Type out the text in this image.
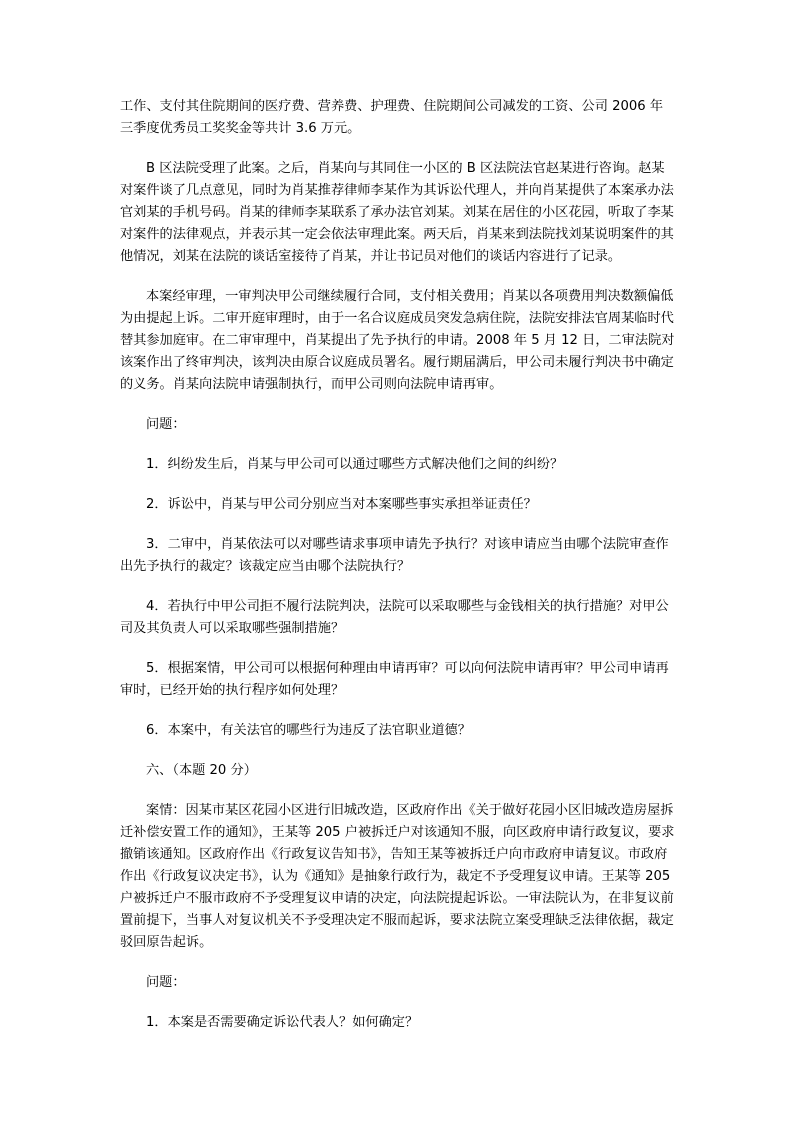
工作、支付其住院期间的医疗费、营养费、护理费、住院期间公司减发的工资、公司 2006 年三季度优秀员工奖奖金等共计 3.6 万元。

B 区法院受理了此案。之后，肖某向与其同住一小区的 B 区法院法官赵某进行咨询。赵某对案件谈了几点意见，同时为肖某推荐律师李某作为其诉讼代理人，并向肖某提供了本案承办法官刘某的手机号码。肖某的律师李某联系了承办法官刘某。刘某在居住的小区花园，听取了李某对案件的法律观点，并表示其一定会依法审理此案。两天后，肖某来到法院找刘某说明案件的其他情况，刘某在法院的谈话室接待了肖某，并让书记员对他们的谈话内容进行了记录。

本案经审理，一审判决甲公司继续履行合同，支付相关费用；肖某以各项费用判决数额偏低为由提起上诉。二审开庭审理时，由于一名合议庭成员突发急病住院，法院安排法官周某临时代替其参加庭审。在二审审理中，肖某提出了先予执行的申请。2008 年 5 月 12 日，二审法院对该案作出了终审判决，该判决由原合议庭成员署名。履行期届满后，甲公司未履行判决书中确定的义务。肖某向法院申请强制执行，而甲公司则向法院申请再审。

问题：

1．纠纷发生后，肖某与甲公司可以通过哪些方式解决他们之间的纠纷？

2．诉讼中，肖某与甲公司分别应当对本案哪些事实承担举证责任？

3．二审中，肖某依法可以对哪些请求事项申请先予执行？对该申请应当由哪个法院审查作出先予执行的裁定？该裁定应当由哪个法院执行？

4．若执行中甲公司拒不履行法院判决，法院可以采取哪些与金钱相关的执行措施？对甲公司及其负责人可以采取哪些强制措施？

5．根据案情，甲公司可以根据何种理由申请再审？可以向何法院申请再审？甲公司申请再审时，已经开始的执行程序如何处理？

6．本案中，有关法官的哪些行为违反了法官职业道德？

六、（本题 20 分）

案情：因某市某区花园小区进行旧城改造，区政府作出《关于做好花园小区旧城改造房屋拆迁补偿安置工作的通知》，王某等 205 户被拆迁户对该通知不服，向区政府申请行政复议，要求撤销该通知。区政府作出《行政复议告知书》，告知王某等被拆迁户向市政府申请复议。市政府作出《行政复议决定书》，认为《通知》是抽象行政行为，裁定不予受理复议申请。王某等 205 户被拆迁户不服市政府不予受理复议申请的决定，向法院提起诉讼。一审法院认为，在非复议前置前提下，当事人对复议机关不予受理决定不服而起诉，要求法院立案受理缺乏法律依据，裁定驳回原告起诉。

问题：

1．本案是否需要确定诉讼代表人？如何确定？
